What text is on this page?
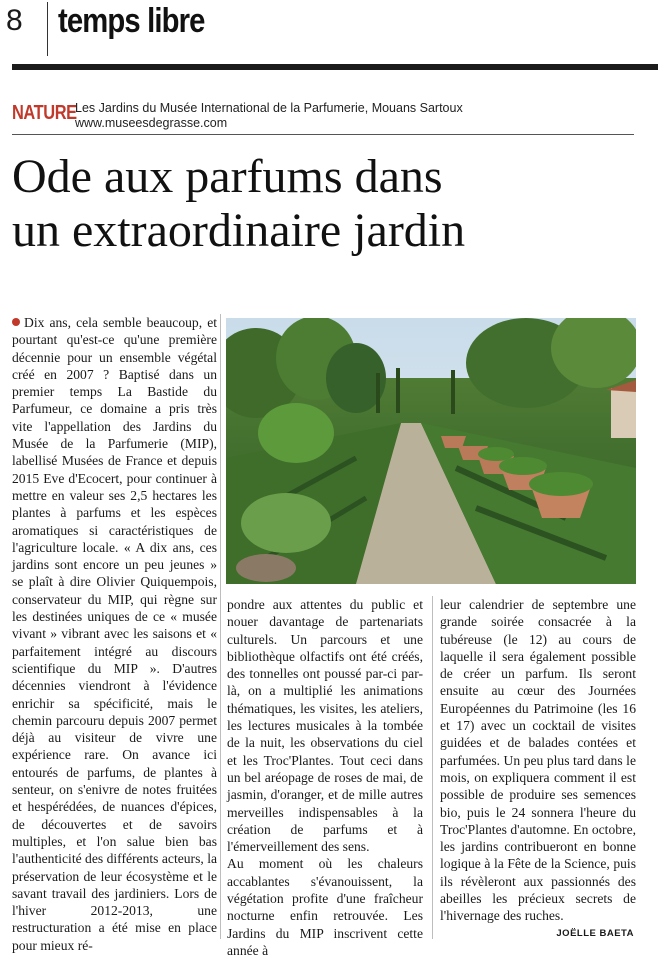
8 temps libre
NATURE
Les Jardins du Musée International de la Parfumerie, Mouans Sartoux
www.museesdegrasse.com
Ode aux parfums dans
un extraordinaire jardin

Dix ans, cela semble beaucoup, et pourtant qu'est-ce qu'une première décennie pour un ensemble végétal créé en 2007 ? Baptisé dans un premier temps La Bastide du Parfumeur, ce domaine a pris très vite l'appellation des Jardins du Musée de la Parfumerie (MIP), labellisé Musées de France et depuis 2015 Eve d'Ecocert, pour continuer à mettre en valeur ses 2,5 hectares les plantes à parfums et les espèces aromatiques si caractéristiques de l'agriculture locale. « A dix ans, ces jardins sont encore un peu jeunes » se plaît à dire Olivier Quiquempois, conservateur du MIP, qui règne sur les destinées uniques de ce « musée vivant » vibrant avec les saisons et « parfaitement intégré au discours scientifique du MIP ». D'autres décennies viendront à l'évidence enrichir sa spécificité, mais le chemin parcouru depuis 2007 permet déjà au visiteur de vivre une expérience rare. On avance ici entourés de parfums, de plantes à senteur, on s'enivre de notes fruitées et hespérédées, de nuances d'épices, de découvertes et de savoirs multiples, et l'on salue bien bas l'authenticité des différents acteurs, la préservation de leur écosystème et le savant travail des jardiniers. Lors de l'hiver 2012-2013, une restructuration a été mise en place pour mieux ré-

pondre aux attentes du public et nouer davantage de partenariats culturels. Un parcours et une bibliothèque olfactifs ont été créés, des tonnelles ont poussé par-ci par-là, on a multiplié les animations thématiques, les visites, les ateliers, les lectures musicales à la tombée de la nuit, les observations du ciel et les Troc'Plantes. Tout ceci dans un bel aréopage de roses de mai, de jasmin, d'oranger, et de mille autres merveilles indispensables à la création de parfums et à l'émerveillement des sens.

Au moment où les chaleurs accablantes s'évanouissent, la végétation profite d'une fraîcheur nocturne enfin retrouvée. Les Jardins du MIP inscrivent cette année à

leur calendrier de septembre une grande soirée consacrée à la tubéreuse (le 12) au cours de laquelle il sera également possible de créer un parfum. Ils seront ensuite au cœur des Journées Européennes du Patrimoine (les 16 et 17) avec un cocktail de visites guidées et de balades contées et parfumées. Un peu plus tard dans le mois, on expliquera comment il est possible de produire ses semences bio, puis le 24 sonnera l'heure du Troc'Plantes d'automne. En octobre, les jardins contribueront en bonne logique à la Fête de la Science, puis ils révèleront aux passionnés des abeilles les précieux secrets de l'hivernage des ruches.

JOËLLE BAETA
